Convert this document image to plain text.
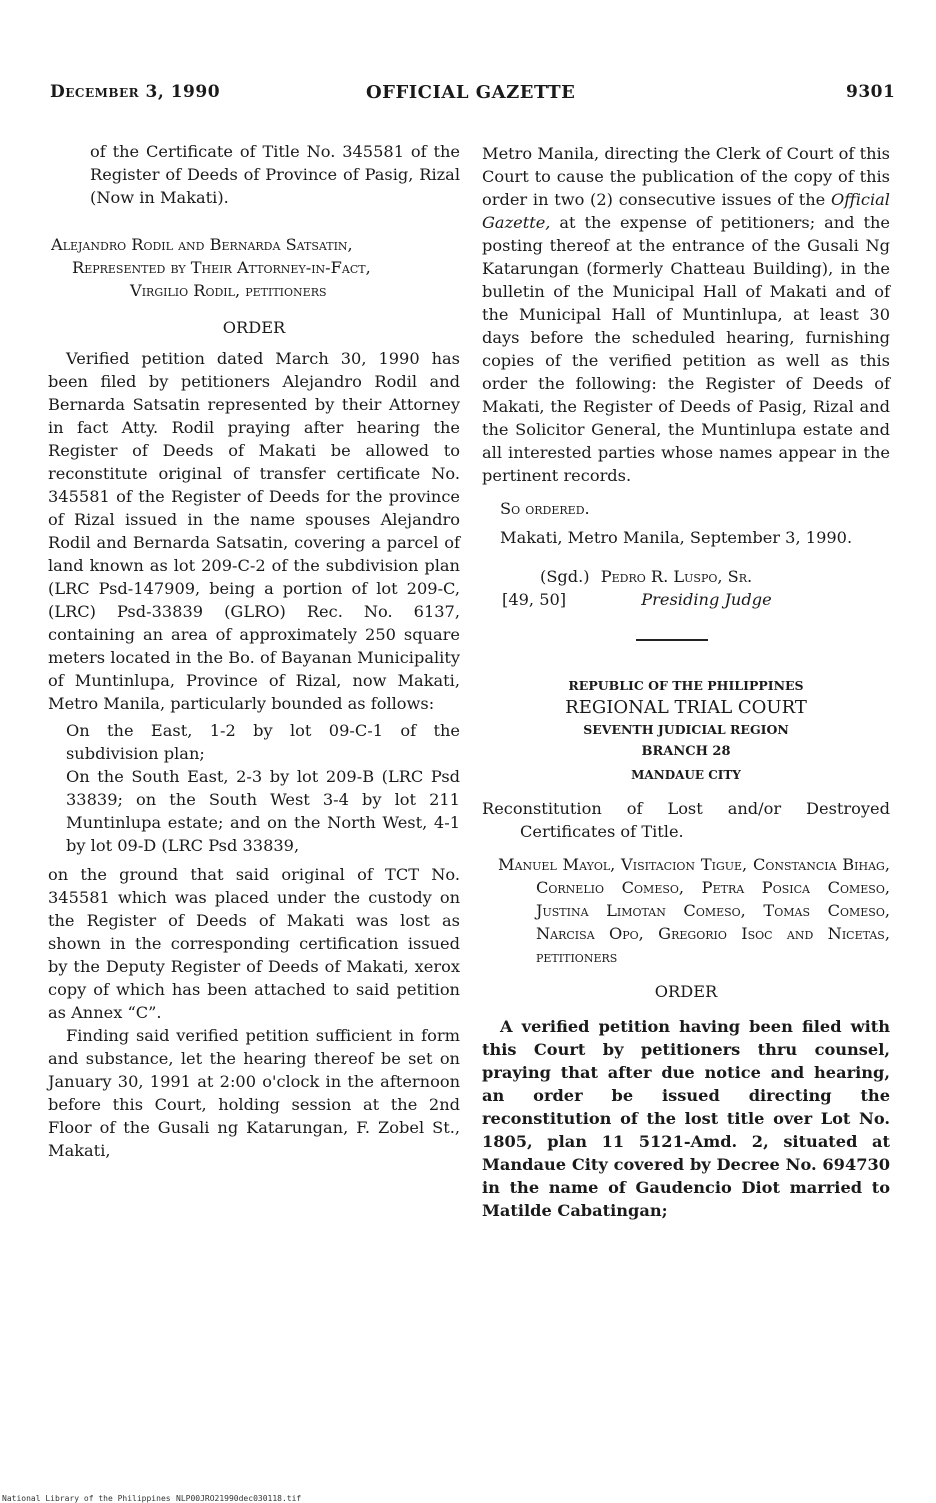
December 3, 1990	OFFICIAL GAZETTE	9301

of the Certificate of Title No. 345581 of the Register of Deeds of Province of Pasig, Rizal (Now in Makati).

Alejandro Rodil and Bernarda Satsatin,

Represented by Their Attorney-in-Fact,

Virgilio Rodil, petitioners

ORDER

Verified petition dated March 30, 1990 has been filed by petitioners Alejandro Rodil and Bernarda Satsatin represented by their Attorney in fact Atty. Rodil praying after hearing the Register of Deeds of Makati be allowed to reconstitute original of transfer certificate No. 345581 of the Register of Deeds for the province of Rizal issued in the name spouses Alejandro Rodil and Bernarda Satsatin, covering a parcel of land known as lot 209-C-2 of the subdivision plan (LRC Psd-147909, being a portion of lot 209-C, (LRC) Psd-33839 (GLRO) Rec. No. 6137, containing an area of approximately 250 square meters located in the Bo. of Bayanan Municipality of Muntinlupa, Province of Rizal, now Makati, Metro Manila, particularly bounded as follows:

On the East, 1-2 by lot 09-C-1 of the subdivision plan;

On the South East, 2-3 by lot 209-B (LRC Psd 33839; on the South West 3-4 by lot 211 Muntinlupa estate; and on the North West, 4-1 by lot 09-D (LRC Psd 33839,

on the ground that said original of TCT No. 345581 which was placed under the custody on the Register of Deeds of Makati was lost as shown in the corresponding certification issued by the Deputy Register of Deeds of Makati, xerox copy of which has been attached to said petition as Annex “C”.

Finding said verified petition sufficient in form and substance, let the hearing thereof be set on January 30, 1991 at 2:00 o'clock in the afternoon before this Court, holding session at the 2nd Floor of the Gusali ng Katarungan, F. Zobel St., Makati,

Metro Manila, directing the Clerk of Court of this Court to cause the publication of the copy of this order in two (2) consecutive issues of the Official Gazette, at the expense of petitioners; and the posting thereof at the entrance of the Gusali Ng Katarungan (formerly Chatteau Building), in the bulletin of the Municipal Hall of Makati and of the Municipal Hall of Muntinlupa, at least 30 days before the scheduled hearing, furnishing copies of the verified petition as well as this order the following: the Register of Deeds of Makati, the Register of Deeds of Pasig, Rizal and the Solicitor General, the Muntinlupa estate and all interested parties whose names appear in the pertinent records.

So ordered.

Makati, Metro Manila, September 3, 1990.

(Sgd.) Pedro R. Luspo, Sr.

[49, 50]	Presiding Judge

REPUBLIC OF THE PHILIPPINES

REGIONAL TRIAL COURT

SEVENTH JUDICIAL REGION

BRANCH 28

MANDAUE CITY

Reconstitution of Lost and/or Destroyed Certificates of Title.

Manuel Mayol, Visitacion Tigue, Constancia Bihag, Cornelio Comeso, Petra Posica Comeso, Justina Limotan Comeso, Tomas Comeso, Narcisa Opo, Gregorio Isoc and Nicetas, petitioners

ORDER

A verified petition having been filed with this Court by petitioners thru counsel, praying that after due notice and hearing, an order be issued directing the reconstitution of the lost title over Lot No. 1805, plan 11 5121-Amd. 2, situated at Mandaue City covered by Decree No. 694730 in the name of Gaudencio Diot married to Matilde Cabatingan;

National Library of the Philippines NLP00JRO21990dec030118.tif
